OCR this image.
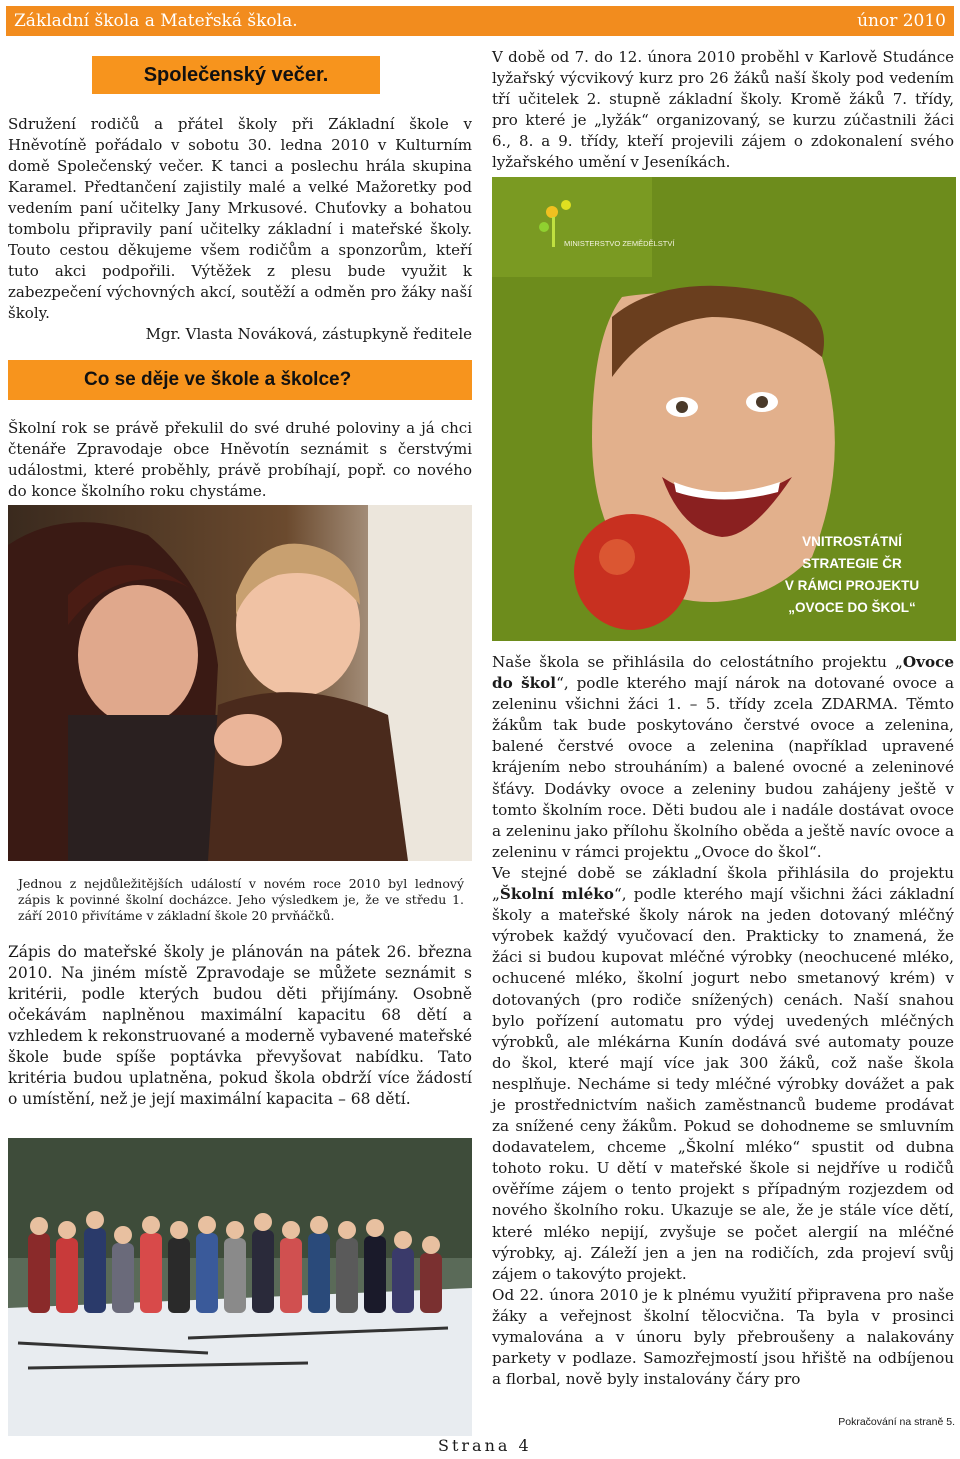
Základní škola a Mateřská škola.	únor 2010
Společenský večer.

Sdružení rodičů a přátel školy při Základní škole v Hněvotíně pořádalo v sobotu 30. ledna 2010 v Kulturním domě Společenský večer. K tanci a poslechu hrála skupina Karamel. Předtančení zajistily malé a velké Mažoretky pod vedením paní učitelky Jany Mrkusové. Chuťovky a bohatou tombolu připravily paní učitelky základní i mateřské školy. Touto cestou děkujeme všem rodičům a sponzorům, kteří tuto akci podpořili. Výtěžek z plesu bude využit k zabezpečení výchovných akcí, soutěží a odměn pro žáky naší školy.

Mgr. Vlasta Nováková, zástupkyně ředitele

Co se děje ve škole a školce?

Školní rok se právě překulil do své druhé poloviny a já chci čtenáře Zpravodaje obce Hněvotín seznámit s čerstvými událostmi, které proběhly, právě probíhají, popř. co nového do konce školního roku chystáme.

Jednou z nejdůležitějších událostí v novém roce 2010 byl lednový zápis k povinné školní docházce. Jeho výsledkem je, že ve středu 1. září 2010 přivítáme v základní škole 20 prvňáčků.

Zápis do mateřské školy je plánován na pátek 26. března 2010. Na jiném místě Zpravodaje se můžete seznámit s kritérii, podle kterých budou děti přijímány. Osobně očekávám naplněnou maximální kapacitu 68 dětí a vzhledem k rekonstruované a moderně vybavené mateřské škole bude spíše poptávka převyšovat nabídku. Tato kritéria budou uplatněna, pokud škola obdrží více žádostí o umístění, než je její maximální kapacita – 68 dětí.

V době od 7. do 12. února 2010 proběhl v Karlově Studánce lyžařský výcvikový kurz pro 26 žáků naší školy pod vedením tří učitelek 2. stupně základní školy. Kromě žáků 7. třídy, pro které je „lyžák“ organizovaný, se kurzu zúčastnili žáci 6., 8. a 9. třídy, kteří projevili zájem o zdokonalení svého lyžařského umění v Jeseníkách.

MINISTERSTVO ZEMĚDĚLSTVÍ
VNITROSTÁTNÍ
STRATEGIE ČR
V RÁMCI PROJEKTU
„OVOCE DO ŠKOL“

Naše škola se přihlásila do celostátního projektu „Ovoce do škol“, podle kterého mají nárok na dotované ovoce a zeleninu všichni žáci 1. – 5. třídy zcela ZDARMA. Těmto žákům tak bude poskytováno čerstvé ovoce a zelenina, balené čerstvé ovoce a zelenina (například upravené krájením nebo strouháním) a balené ovocné a zeleninové šťávy. Dodávky ovoce a zeleniny budou zahájeny ještě v tomto školním roce. Děti budou ale i nadále dostávat ovoce a zeleninu jako přílohu školního oběda a ještě navíc ovoce a zeleninu v rámci projektu „Ovoce do škol“.

Ve stejné době se základní škola přihlásila do projektu „Školní mléko“, podle kterého mají všichni žáci základní školy a mateřské školy nárok na jeden dotovaný mléčný výrobek každý vyučovací den. Prakticky to znamená, že žáci si budou kupovat mléčné výrobky (neochucené mléko, ochucené mléko, školní jogurt nebo smetanový krém) v dotovaných (pro rodiče snížených) cenách. Naší snahou bylo pořízení automatu pro výdej uvedených mléčných výrobků, ale mlékárna Kunín dodává své automaty pouze do škol, které mají více jak 300 žáků, což naše škola nesplňuje. Necháme si tedy mléčné výrobky dovážet a pak je prostřednictvím našich zaměstnanců budeme prodávat za snížené ceny žákům. Pokud se dohodneme se smluvním dodavatelem, chceme „Školní mléko“ spustit od dubna tohoto roku. U dětí v mateřské škole si nejdříve u rodičů ověříme zájem o tento projekt s případným rozjezdem od nového školního roku. Ukazuje se ale, že je stále více dětí, které mléko nepijí, zvyšuje se počet alergií na mléčné výrobky, aj. Záleží jen a jen na rodičích, zda projeví svůj zájem o takovýto projekt.

Od 22. února 2010 je k plnému využití připravena pro naše žáky a veřejnost školní tělocvična. Ta byla v prosinci vymalována a v únoru byly přebroušeny a nalakovány parkety v podlaze. Samozřejmostí jsou hřiště na odbíjenou a florbal, nově byly instalovány čáry pro

Pokračování na straně 5.
Strana 4
